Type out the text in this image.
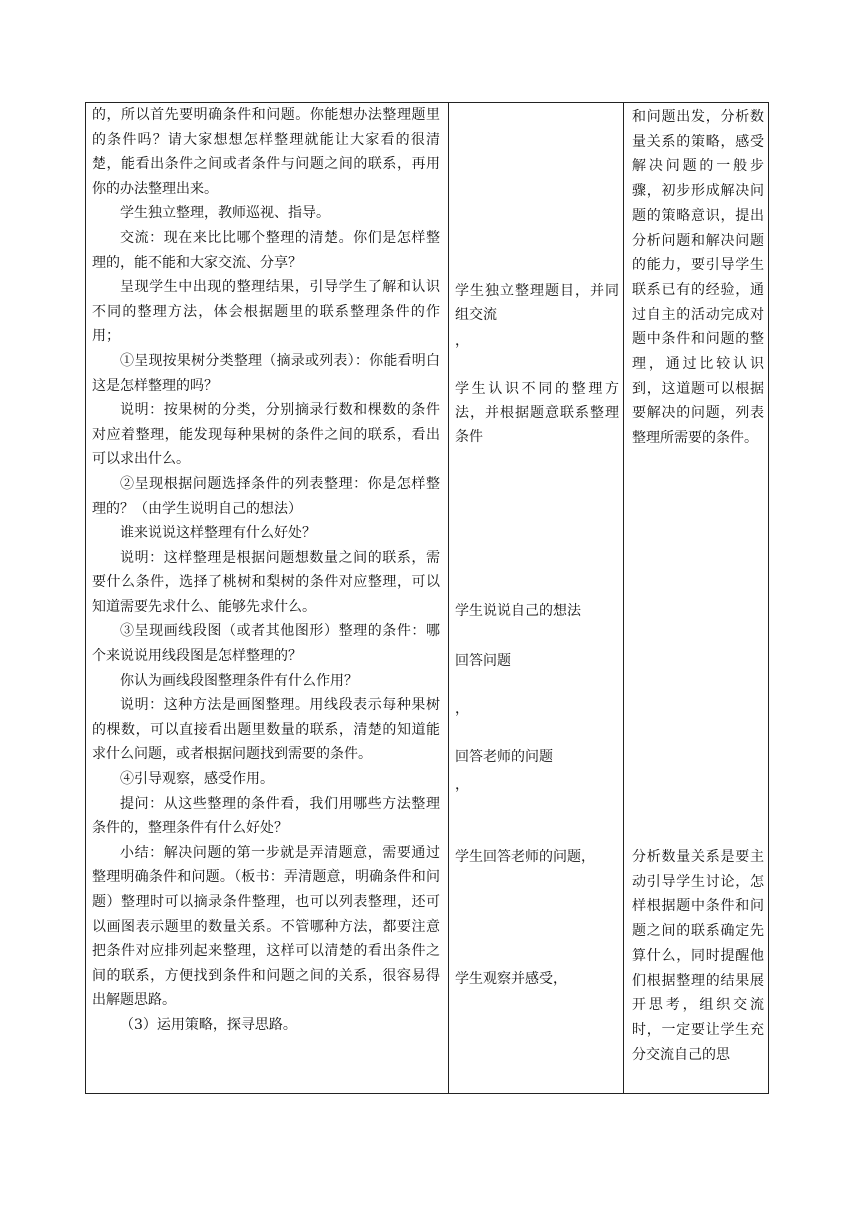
的，所以首先要明确条件和问题。你能想办法整理题里的条件吗？请大家想想怎样整理就能让大家看的很清楚，能看出条件之间或者条件与问题之间的联系，再用你的办法整理出来。

学生独立整理，教师巡视、指导。

交流：现在来比比哪个整理的清楚。你们是怎样整理的，能不能和大家交流、分享？

呈现学生中出现的整理结果，引导学生了解和认识不同的整理方法，体会根据题里的联系整理条件的作用；

①呈现按果树分类整理（摘录或列表）：你能看明白这是怎样整理的吗？

说明：按果树的分类，分别摘录行数和棵数的条件对应着整理，能发现每种果树的条件之间的联系，看出可以求出什么。

②呈现根据问题选择条件的列表整理：你是怎样整理的？（由学生说明自己的想法）

谁来说说这样整理有什么好处？

说明：这样整理是根据问题想数量之间的联系，需要什么条件，选择了桃树和梨树的条件对应整理，可以知道需要先求什么、能够先求什么。

③呈现画线段图（或者其他图形）整理的条件：哪个来说说用线段图是怎样整理的？

你认为画线段图整理条件有什么作用？

说明：这种方法是画图整理。用线段表示每种果树的棵数，可以直接看出题里数量的联系，清楚的知道能求什么问题，或者根据问题找到需要的条件。

④引导观察，感受作用。

提问：从这些整理的条件看，我们用哪些方法整理条件的，整理条件有什么好处？

小结：解决问题的第一步就是弄清题意，需要通过整理明确条件和问题。（板书：弄清题意，明确条件和问题）整理时可以摘录条件整理，也可以列表整理，还可以画图表示题里的数量关系。不管哪种方法，都要注意把条件对应排列起来整理，这样可以清楚的看出条件之间的联系，方便找到条件和问题之间的关系，很容易得出解题思路。

（3）运用策略，探寻思路。

学生独立整理题目，并同组交流

，

学生认识不同的整理方法，并根据题意联系整理条件

学生说说自己的想法

回答问题

，

回答老师的问题

，

学生回答老师的问题，

学生观察并感受，

和问题出发，分析数量关系的策略，感受解决问题的一般步骤，初步形成解决问题的策略意识，提出分析问题和解决问题的能力，要引导学生联系已有的经验，通过自主的活动完成对题中条件和问题的整理，通过比较认识到，这道题可以根据要解决的问题，列表整理所需要的条件。

分析数量关系是要主动引导学生讨论，怎样根据题中条件和问题之间的联系确定先算什么，同时提醒他们根据整理的结果展开思考，组织交流时，一定要让学生充分交流自己的思
